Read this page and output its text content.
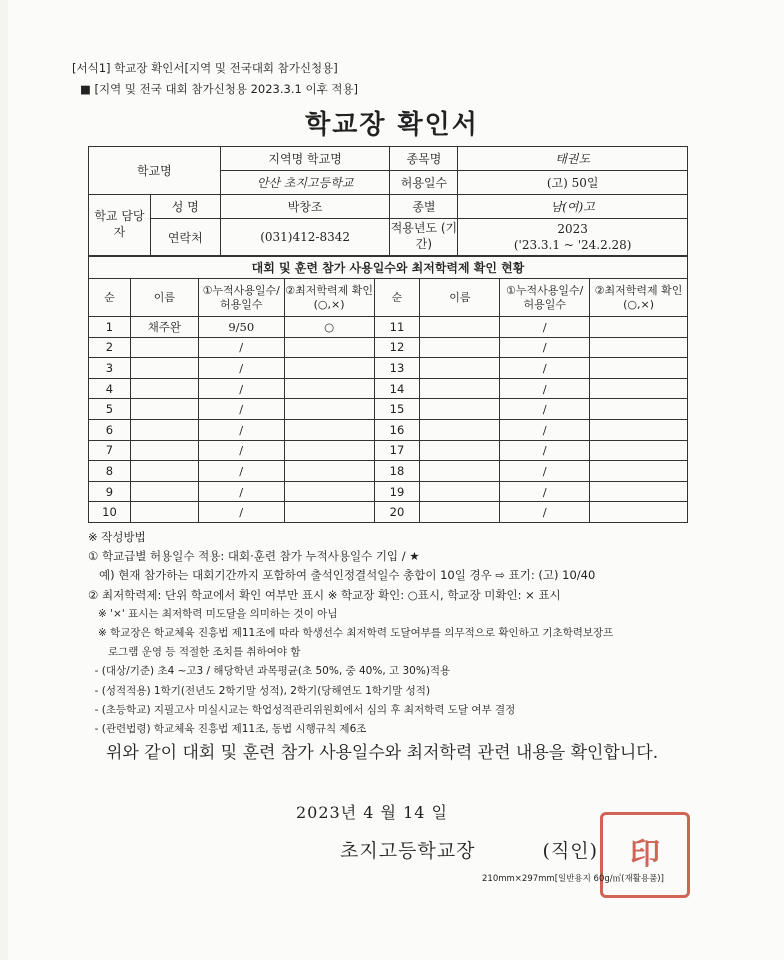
[서식1] 학교장 확인서[지역 및 전국대회 참가신청용]
■ [지역 및 전국 대회 참가신청용 2023.3.1 이후 적용]
학교장 확인서
학교명		지역명 학교명	종목명	태권도
		안산 초지고등학교	허용일수	(고) 50일
학교 담당자	성 명	박창조	종별	남(여)고
	연락처	(031)412-8342	적용년도 (기간)	2023
('23.3.1 ~ '24.2.28)
대회 및 훈련 참가 사용일수와 최저학력제 확인 현황
순	이름	①누적사용일수/ 허용일수	②최저학력제 확인(○,×)	순	이름	①누적사용일수/ 허용일수	②최저학력제 확인(○,×)
1	채주완	9/50	○	11		/	
2		/		12		/	
3		/		13		/	
4		/		14		/	
5		/		15		/	
6		/		16		/	
7		/		17		/	
8		/		18		/	
9		/		19		/	
10		/		20		/	
※ 작성방법
① 학교급별 허용일수 적용: 대회·훈련 참가 누적사용일수 기입 / ★
예) 현재 참가하는 대회기간까지 포함하여 출석인정결석일수 총합이 10일 경우 ⇨ 표기: (고) 10/40
② 최저학력제: 단위 학교에서 확인 여부만 표시 ※ 학교장 확인: ○표시, 학교장 미확인: × 표시
※ '×' 표시는 최저학력 미도달을 의미하는 것이 아님
※ 학교장은 학교체육 진흥법 제11조에 따라 학생선수 최저학력 도달여부를 의무적으로 확인하고 기초학력보장프
로그램 운영 등 적절한 조치를 취하여야 함
- (대상/기준) 초4 ~고3 / 해당학년 과목평균(초 50%, 중 40%, 고 30%)적용
- (성적적용) 1학기(전년도 2학기말 성적), 2학기(당해연도 1학기말 성적)
- (초등학교) 지필고사 미실시교는 학업성적관리위원회에서 심의 후 최저학력 도달 여부 결정
- (관련법령) 학교체육 진흥법 제11조, 동법 시행규칙 제6조
위와 같이 대회 및 훈련 참가 사용일수와 최저학력 관련 내용을 확인합니다.
2023년 4 월 14 일
초지고등학교장	(직인)	印
210mm×297mm[일반용지 60g/㎡(재활용품)]
